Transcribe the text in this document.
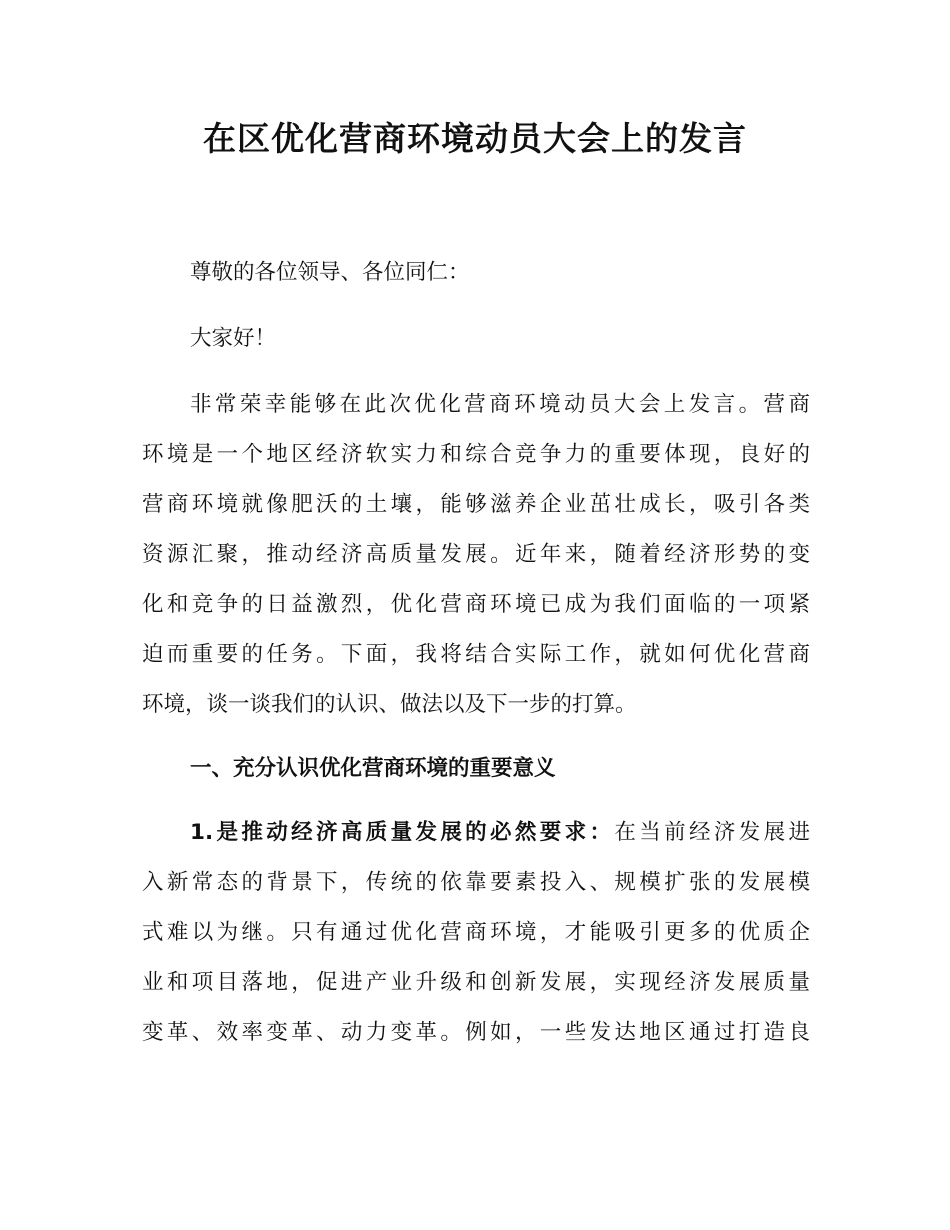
在区优化营商环境动员大会上的发言

尊敬的各位领导、各位同仁：

大家好！

非常荣幸能够在此次优化营商环境动员大会上发言。营商

环境是一个地区经济软实力和综合竞争力的重要体现，良好的

营商环境就像肥沃的土壤，能够滋养企业茁壮成长，吸引各类

资源汇聚，推动经济高质量发展。近年来，随着经济形势的变

化和竞争的日益激烈，优化营商环境已成为我们面临的一项紧

迫而重要的任务。下面，我将结合实际工作，就如何优化营商

环境，谈一谈我们的认识、做法以及下一步的打算。

一、充分认识优化营商环境的重要意义

1.是推动经济高质量发展的必然要求：在当前经济发展进

入新常态的背景下，传统的依靠要素投入、规模扩张的发展模

式难以为继。只有通过优化营商环境，才能吸引更多的优质企

业和项目落地，促进产业升级和创新发展，实现经济发展质量

变革、效率变革、动力变革。例如，一些发达地区通过打造良
